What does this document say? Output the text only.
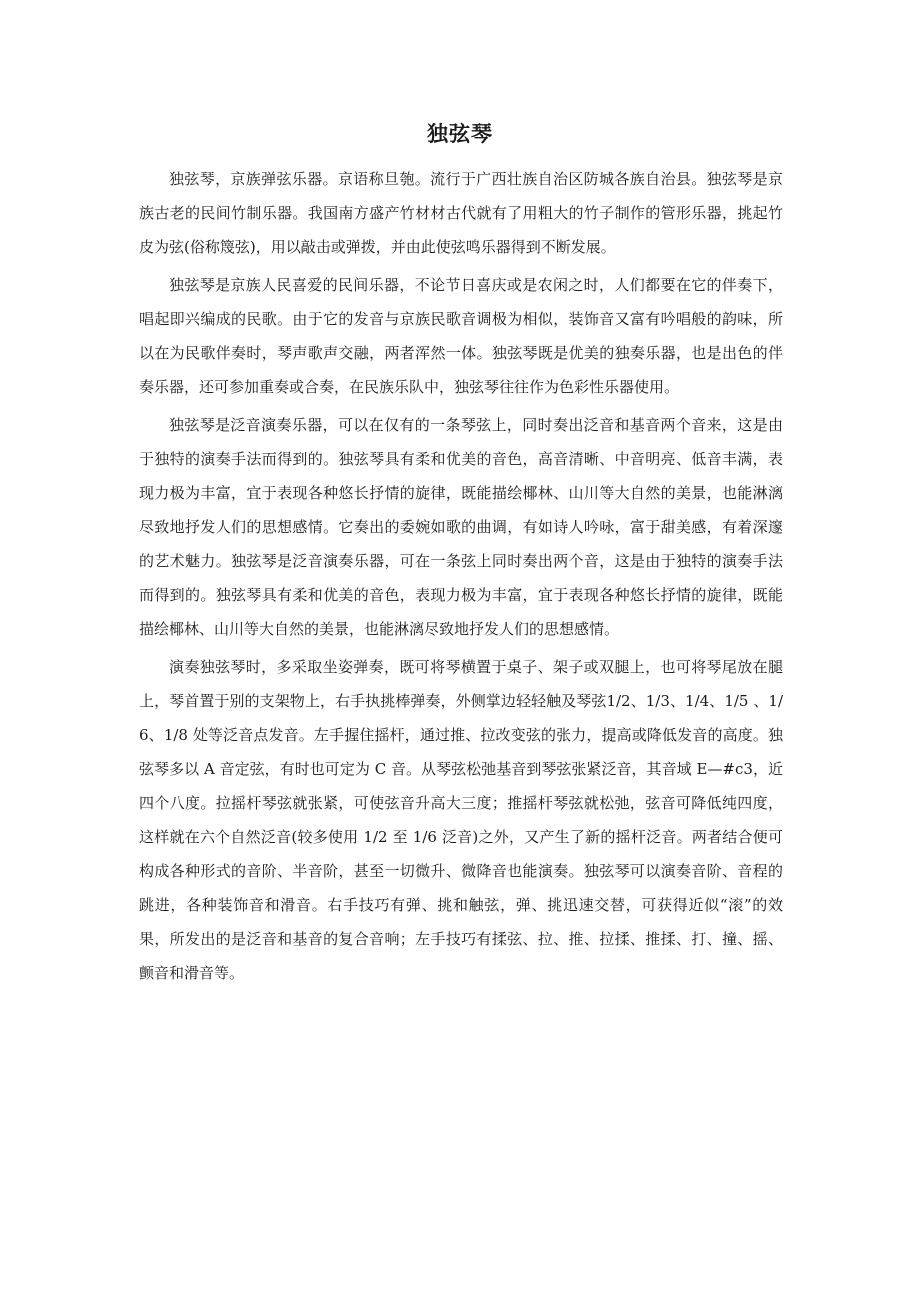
独弦琴

独弦琴，京族弹弦乐器。京语称旦匏。流行于广西壮族自治区防城各族自治县。独弦琴是京族古老的民间竹制乐器。我国南方盛产竹材材古代就有了用粗大的竹子制作的管形乐器，挑起竹皮为弦(俗称篾弦)，用以敲击或弹拨，并由此使弦鸣乐器得到不断发展。

独弦琴是京族人民喜爱的民间乐器，不论节日喜庆或是农闲之时，人们都要在它的伴奏下，唱起即兴编成的民歌。由于它的发音与京族民歌音调极为相似，装饰音又富有吟唱般的韵味，所以在为民歌伴奏时，琴声歌声交融，两者浑然一体。独弦琴既是优美的独奏乐器，也是出色的伴奏乐器，还可参加重奏或合奏，在民族乐队中，独弦琴往往作为色彩性乐器使用。

独弦琴是泛音演奏乐器，可以在仅有的一条琴弦上，同时奏出泛音和基音两个音来，这是由于独特的演奏手法而得到的。独弦琴具有柔和优美的音色，高音清晰、中音明亮、低音丰满，表现力极为丰富，宜于表现各种悠长抒情的旋律，既能描绘椰林、山川等大自然的美景，也能淋漓尽致地抒发人们的思想感情。它奏出的委婉如歌的曲调，有如诗人吟咏，富于甜美感，有着深邃的艺术魅力。独弦琴是泛音演奏乐器，可在一条弦上同时奏出两个音，这是由于独特的演奏手法而得到的。独弦琴具有柔和优美的音色，表现力极为丰富，宜于表现各种悠长抒情的旋律，既能描绘椰林、山川等大自然的美景，也能淋漓尽致地抒发人们的思想感情。

演奏独弦琴时，多采取坐姿弹奏，既可将琴横置于桌子、架子或双腿上，也可将琴尾放在腿上，琴首置于别的支架物上，右手执挑棒弹奏，外侧掌边轻轻触及琴弦1/2、1/3、1/4、1/5 、1/6、1/8 处等泛音点发音。左手握住摇杆，通过推、拉改变弦的张力，提高或降低发音的高度。独弦琴多以 A 音定弦，有时也可定为 C 音。从琴弦松弛基音到琴弦张紧泛音，其音域 E—#c3，近四个八度。拉摇杆琴弦就张紧，可使弦音升高大三度；推摇杆琴弦就松弛，弦音可降低纯四度，这样就在六个自然泛音(较多使用 1/2 至 1/6 泛音)之外，又产生了新的摇杆泛音。两者结合便可构成各种形式的音阶、半音阶，甚至一切微升、微降音也能演奏。独弦琴可以演奏音阶、音程的跳进，各种装饰音和滑音。右手技巧有弹、挑和触弦，弹、挑迅速交替，可获得近似“滚”的效果，所发出的是泛音和基音的复合音响；左手技巧有揉弦、拉、推、拉揉、推揉、打、撞、摇、颤音和滑音等。
